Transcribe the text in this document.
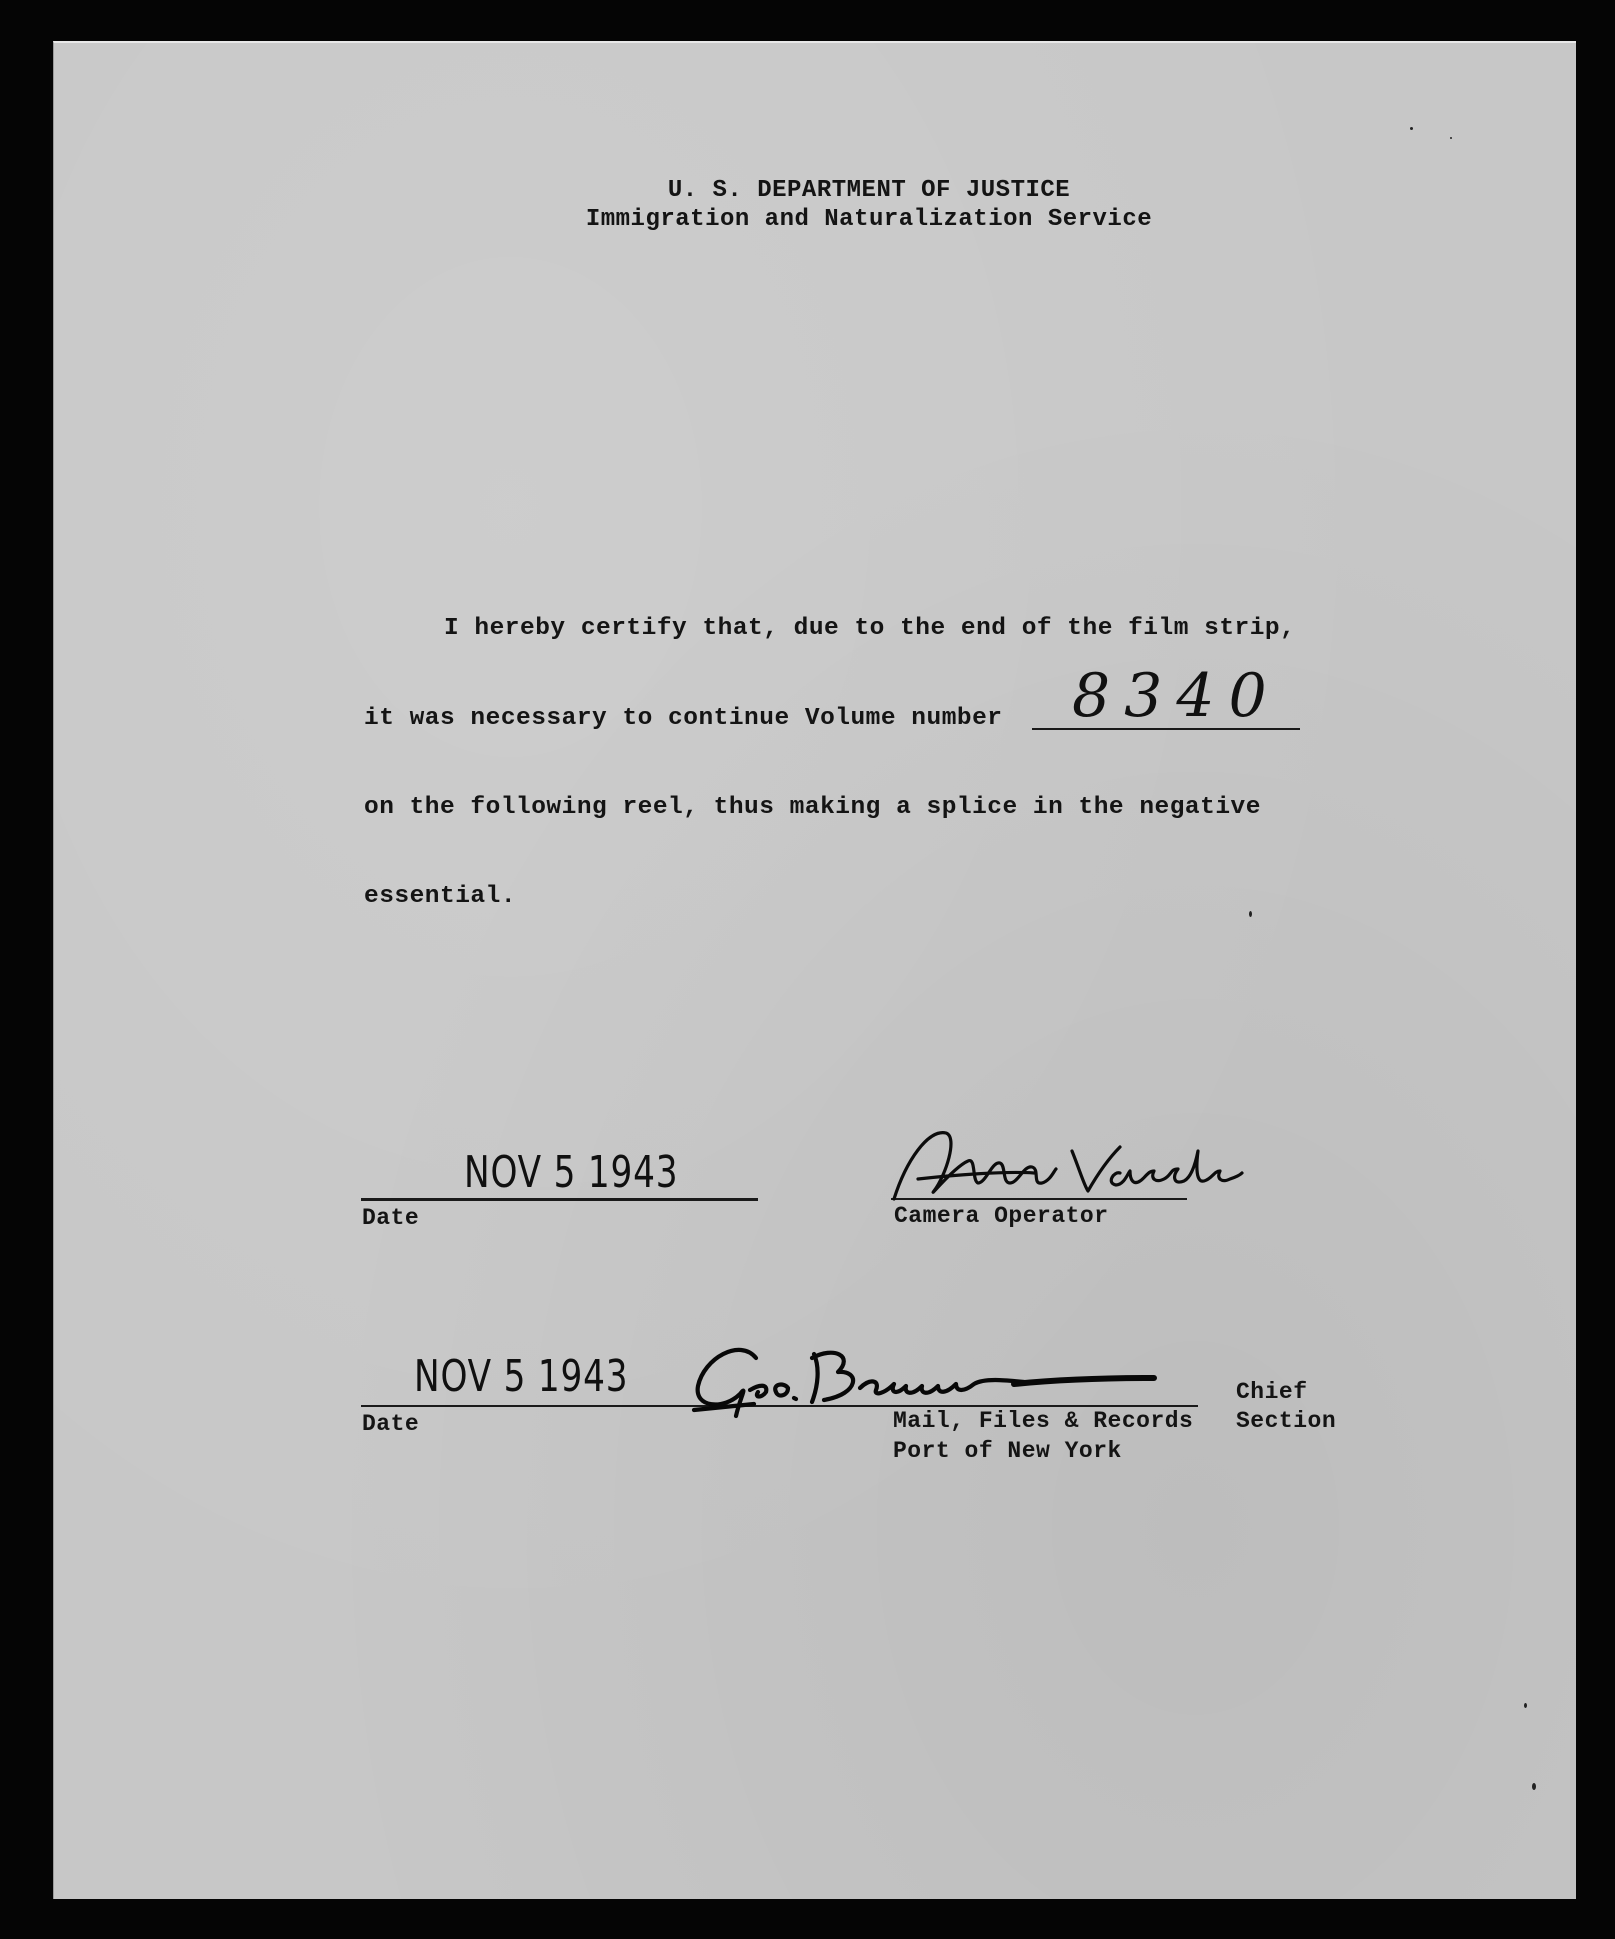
U. S. DEPARTMENT OF JUSTICE
Immigration and Naturalization Service
I hereby certify that, due to the end of the film strip,
it was necessary to continue Volume number 8340
on the following reel, thus making a splice in the negative
essential.
NOV 5 1943
Date	Camera Operator
NOV 5 1943
Date
Chief
Mail, Files & Records Section
Port of New York
